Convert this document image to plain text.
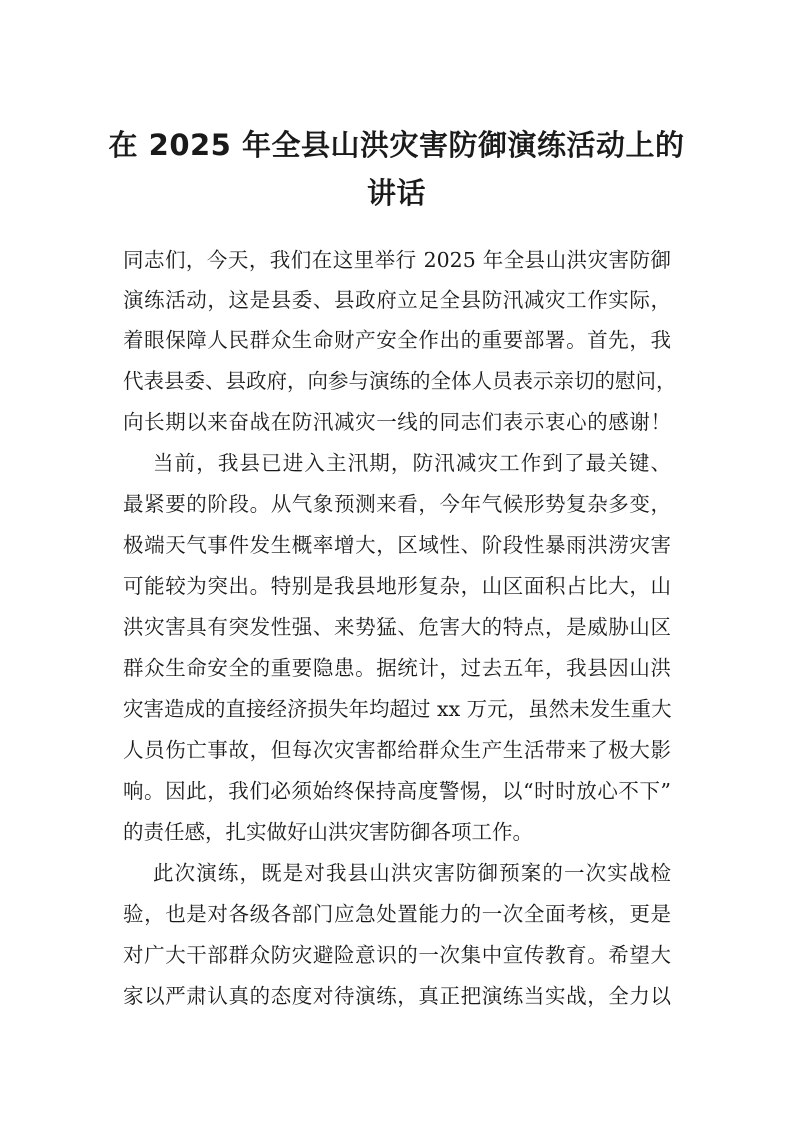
在 2025 年全县山洪灾害防御演练活动上的
讲话

同志们，今天，我们在这里举行 2025 年全县山洪灾害防御

演练活动，这是县委、县政府立足全县防汛减灾工作实际，

着眼保障人民群众生命财产安全作出的重要部署。首先，我

代表县委、县政府，向参与演练的全体人员表示亲切的慰问，

向长期以来奋战在防汛减灾一线的同志们表示衷心的感谢！

当前，我县已进入主汛期，防汛减灾工作到了最关键、

最紧要的阶段。从气象预测来看，今年气候形势复杂多变，

极端天气事件发生概率增大，区域性、阶段性暴雨洪涝灾害

可能较为突出。特别是我县地形复杂，山区面积占比大，山

洪灾害具有突发性强、来势猛、危害大的特点，是威胁山区

群众生命安全的重要隐患。据统计，过去五年，我县因山洪

灾害造成的直接经济损失年均超过 xx 万元，虽然未发生重大

人员伤亡事故，但每次灾害都给群众生产生活带来了极大影

响。因此，我们必须始终保持高度警惕，以“时时放心不下”

的责任感，扎实做好山洪灾害防御各项工作。

此次演练，既是对我县山洪灾害防御预案的一次实战检

验，也是对各级各部门应急处置能力的一次全面考核，更是

对广大干部群众防灾避险意识的一次集中宣传教育。希望大

家以严肃认真的态度对待演练，真正把演练当实战，全力以
